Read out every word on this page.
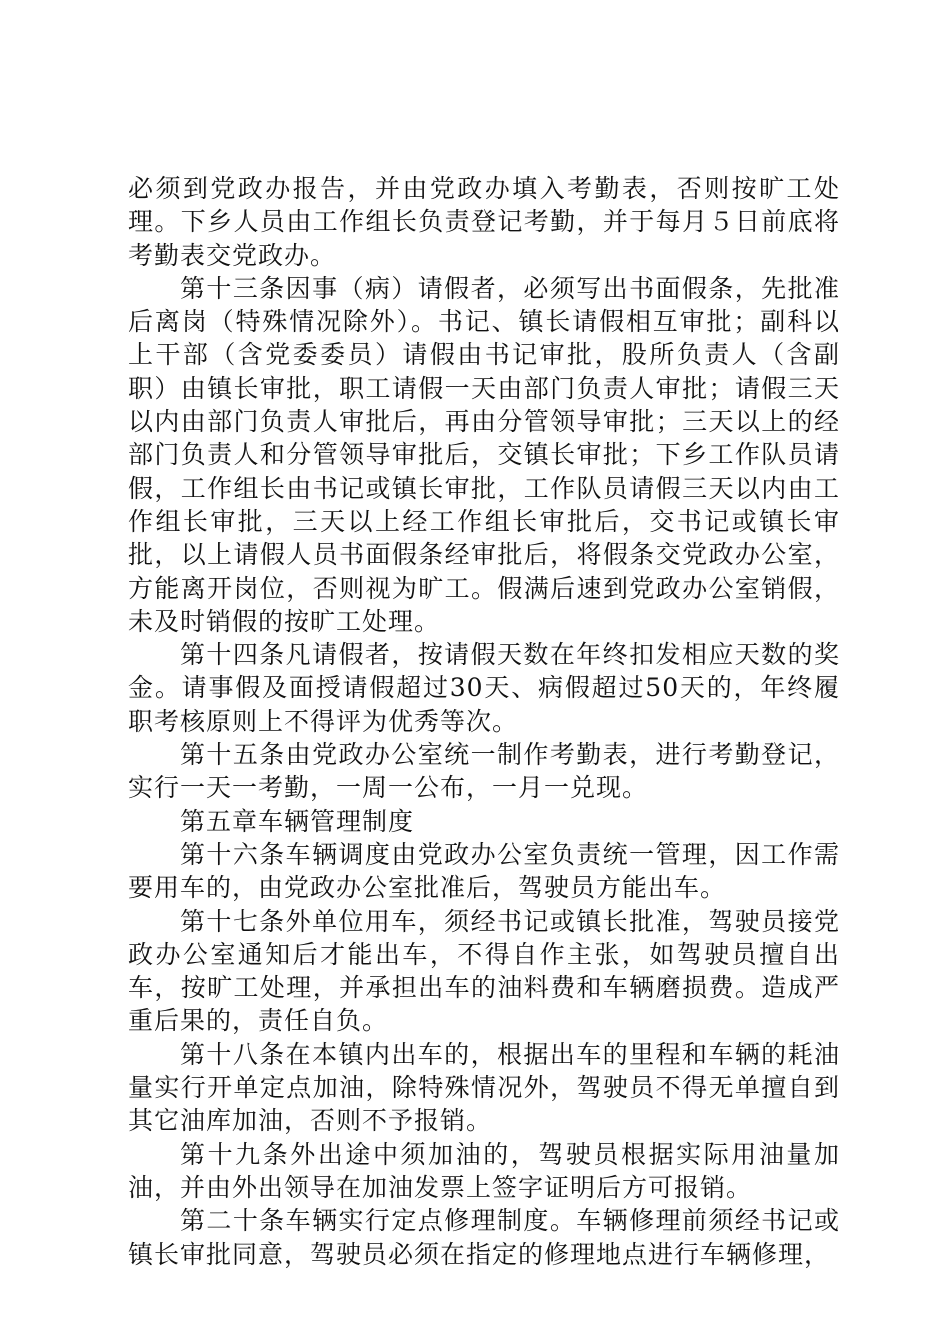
必须到党政办报告，并由党政办填入考勤表，否则按旷工处理。下乡人员由工作组长负责登记考勤，并于每月５日前底将考勤表交党政办。

第十三条因事（病）请假者，必须写出书面假条，先批准后离岗（特殊情况除外）。书记、镇长请假相互审批；副科以上干部（含党委委员）请假由书记审批，股所负责人（含副职）由镇长审批，职工请假一天由部门负责人审批；请假三天以内由部门负责人审批后，再由分管领导审批；三天以上的经部门负责人和分管领导审批后，交镇长审批；下乡工作队员请假，工作组长由书记或镇长审批，工作队员请假三天以内由工作组长审批，三天以上经工作组长审批后，交书记或镇长审批，以上请假人员书面假条经审批后，将假条交党政办公室，方能离开岗位，否则视为旷工。假满后速到党政办公室销假，未及时销假的按旷工处理。

第十四条凡请假者，按请假天数在年终扣发相应天数的奖金。请事假及面授请假超过30天、病假超过50天的，年终履职考核原则上不得评为优秀等次。

第十五条由党政办公室统一制作考勤表，进行考勤登记，实行一天一考勤，一周一公布，一月一兑现。

第五章车辆管理制度

第十六条车辆调度由党政办公室负责统一管理，因工作需要用车的，由党政办公室批准后，驾驶员方能出车。

第十七条外单位用车，须经书记或镇长批准，驾驶员接党政办公室通知后才能出车，不得自作主张，如驾驶员擅自出车，按旷工处理，并承担出车的油料费和车辆磨损费。造成严重后果的，责任自负。

第十八条在本镇内出车的，根据出车的里程和车辆的耗油量实行开单定点加油，除特殊情况外，驾驶员不得无单擅自到其它油库加油，否则不予报销。

第十九条外出途中须加油的，驾驶员根据实际用油量加油，并由外出领导在加油发票上签字证明后方可报销。

第二十条车辆实行定点修理制度。车辆修理前须经书记或镇长审批同意，驾驶员必须在指定的修理地点进行车辆修理，
